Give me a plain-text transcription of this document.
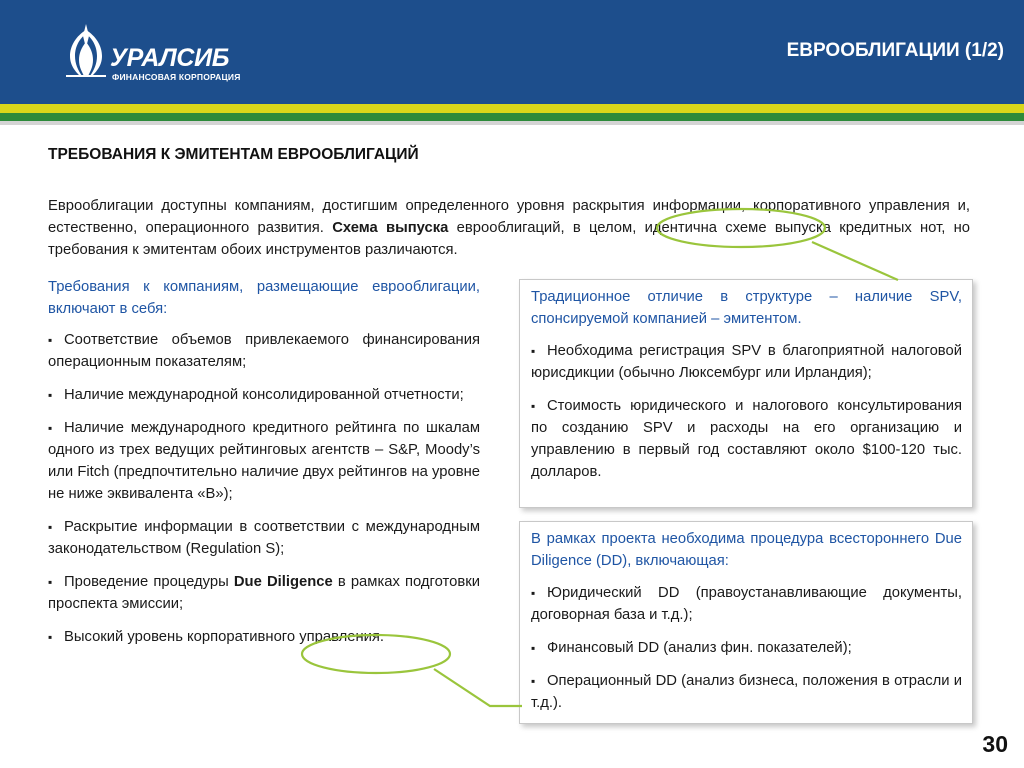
УРАЛСИБ
ФИНАНСОВАЯ КОРПОРАЦИЯ
ЕВРООБЛИГАЦИИ (1/2)
ТРЕБОВАНИЯ К ЭМИТЕНТАМ ЕВРООБЛИГАЦИЙ

Еврооблигации доступны компаниям, достигшим определенного уровня раскрытия информации, корпоративного управления и, естественно, операционного развития. Схема выпуска еврооблигаций, в целом, идентична схеме выпуска кредитных нот, но требования к эмитентам обоих инструментов различаются.

Требования к компаниям, размещающие еврооблигации, включают в себя:

▪ Соответствие объемов привлекаемого финансирования операционным показателям;
▪ Наличие международной консолидированной отчетности;
▪ Наличие международного кредитного рейтинга по шкалам одного из трех ведущих рейтинговых агентств – S&P, Moody’s или Fitch (предпочтительно наличие двух рейтингов на уровне не ниже эквивалента «В»);
▪ Раскрытие информации в соответствии с международным законодательством (Regulation S);
▪ Проведение процедуры Due Diligence в рамках подготовки проспекта эмиссии;
▪ Высокий уровень корпоративного управления.

Традиционное отличие в структуре – наличие SPV, спонсируемой компанией – эмитентом.

▪ Необходима регистрация SPV в благоприятной налоговой юрисдикции (обычно Люксембург или Ирландия);
▪ Стоимость юридического и налогового консультирования по созданию SPV и расходы на его организацию и управлению в первый год составляют около $100-120 тыс. долларов.

В рамках проекта необходима процедура всестороннего Due Diligence (DD), включающая:

▪ Юридический DD (правоустанавливающие документы, договорная база и т.д.);
▪ Финансовый DD (анализ фин. показателей);
▪ Операционный DD (анализ бизнеса, положения в отрасли и т.д.).
30
